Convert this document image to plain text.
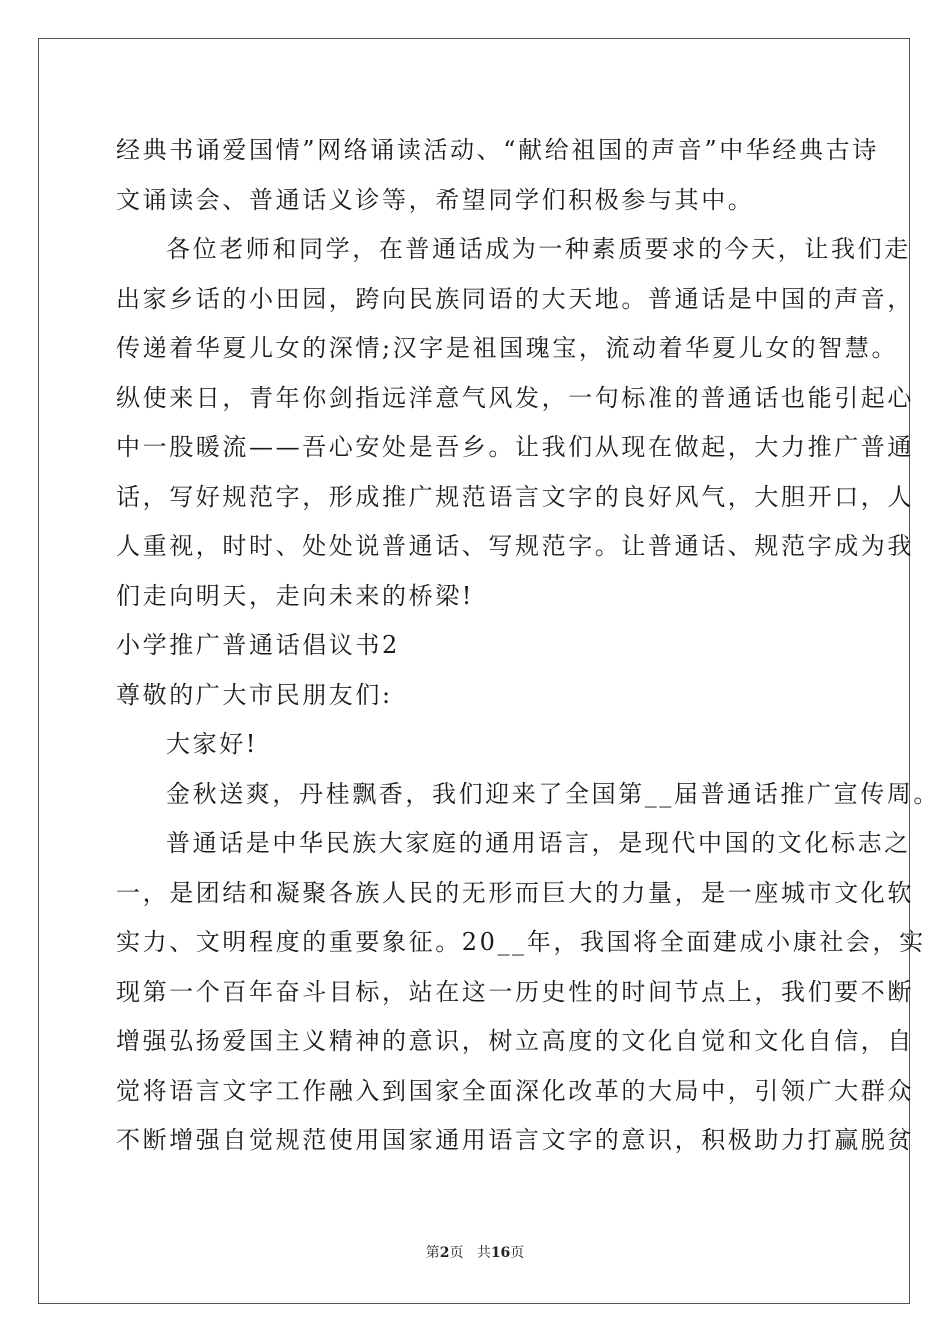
经典书诵爱国情”网络诵读活动、“献给祖国的声音”中华经典古诗
文诵读会、普通话义诊等，希望同学们积极参与其中。
各位老师和同学，在普通话成为一种素质要求的今天，让我们走
出家乡话的小田园，跨向民族同语的大天地。普通话是中国的声音，
传递着华夏儿女的深情;汉字是祖国瑰宝，流动着华夏儿女的智慧。
纵使来日，青年你剑指远洋意气风发，一句标准的普通话也能引起心
中一股暖流——吾心安处是吾乡。让我们从现在做起，大力推广普通
话，写好规范字，形成推广规范语言文字的良好风气，大胆开口，人
人重视，时时、处处说普通话、写规范字。让普通话、规范字成为我
们走向明天，走向未来的桥梁!
小学推广普通话倡议书2
尊敬的广大市民朋友们:
大家好!
金秋送爽，丹桂飘香，我们迎来了全国第__届普通话推广宣传周。
普通话是中华民族大家庭的通用语言，是现代中国的文化标志之
一，是团结和凝聚各族人民的无形而巨大的力量，是一座城市文化软
实力、文明程度的重要象征。20__年，我国将全面建成小康社会，实
现第一个百年奋斗目标，站在这一历史性的时间节点上，我们要不断
增强弘扬爱国主义精神的意识，树立高度的文化自觉和文化自信，自
觉将语言文字工作融入到国家全面深化改革的大局中，引领广大群众
不断增强自觉规范使用国家通用语言文字的意识，积极助力打赢脱贫
第2页 共16页
